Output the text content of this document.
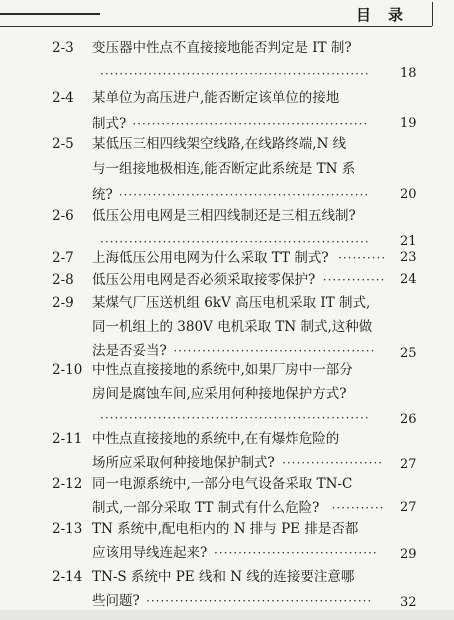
目录
2-3 变压器中性点不直接接地能否判定是 IT 制?
························································ 18
2-4 某单位为高压进户,能否断定该单位的接地
制式? ················································· 19
2-5 某低压三相四线架空线路,在线路终端,N 线
与一组接地极相连,能否断定此系统是 TN 系
统? ···················································· 20
2-6 低压公用电网是三相四线制还是三相五线制?
························································ 21
2-7 上海低压公用电网为什么采取 TT 制式? ·········· 23
2-8 低压公用电网是否必须采取接零保护? ············· 24
2-9 某煤气厂压送机组 6kV 高压电机采取 IT 制式,
同一机组上的 380V 电机采取 TN 制式,这种做
法是否妥当? ·········································· 25
2-10 中性点直接接地的系统中,如果厂房中一部分
房间是腐蚀车间,应采用何种接地保护方式?
························································ 26
2-11 中性点直接接地的系统中,在有爆炸危险的
场所应采取何种接地保护制式? ····················· 27
2-12 同一电源系统中,一部分电气设备采取 TN-C
制式,一部分采取 TT 制式有什么危险? ··········· 27
2-13 TN 系统中,配电柜内的 N 排与 PE 排是否都
应该用导线连起来? ·································· 29
2-14 TN-S 系统中 PE 线和 N 线的连接要注意哪
些问题? ··············································· 32
